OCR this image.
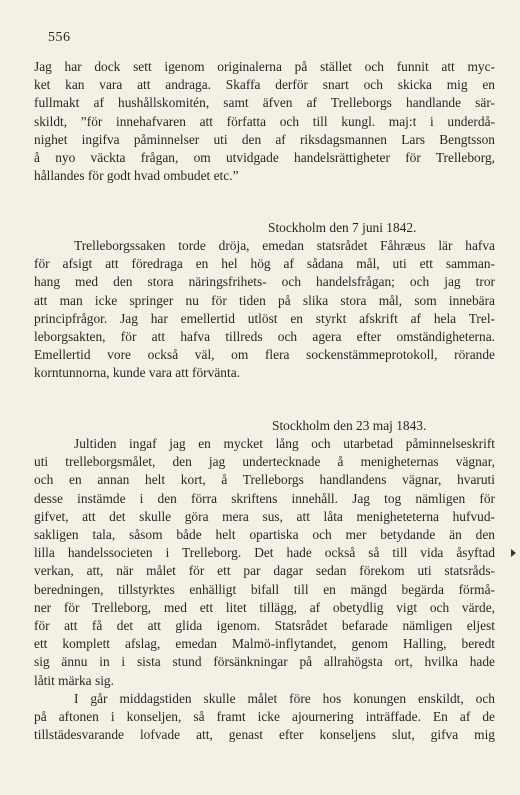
556
Jag har dock sett igenom originalerna på stället och funnit att myc-
ket kan vara att andraga. Skaffa derför snart och skicka mig en
fullmakt af hushållskomitén, samt äfven af Trelleborgs handlande sär-
skildt, ”för innehafvaren att författa och till kungl. maj:t i underdå-
nighet ingifva påminnelser uti den af riksdagsmannen Lars Bengtsson
å nyo väckta frågan, om utvidgade handelsrättigheter för Trelleborg,
hållandes för godt hvad ombudet etc.”
Stockholm den 7 juni 1842.
Trelleborgssaken torde dröja, emedan statsrådet Fåhræus lär hafva
för afsigt att föredraga en hel hög af sådana mål, uti ett samman-
hang med den stora näringsfrihets- och handelsfrågan; och jag tror
att man icke springer nu för tiden på slika stora mål, som innebära
principfrågor. Jag har emellertid utlöst en styrkt afskrift af hela Trel-
leborgsakten, för att hafva tillreds och agera efter omständigheterna.
Emellertid vore också väl, om flera sockenstämmeprotokoll, rörande
korntunnorna, kunde vara att förvänta.
Stockholm den 23 maj 1843.
Jultiden ingaf jag en mycket lång och utarbetad påminnelseskrift
uti trelleborgsmålet, den jag undertecknade å menigheternas vägnar,
och en annan helt kort, å Trelleborgs handlandens vägnar, hvaruti
desse instämde i den förra skriftens innehåll. Jag tog nämligen för
gifvet, att det skulle göra mera sus, att låta menigheteterna hufvud-
sakligen tala, såsom både helt opartiska och mer betydande än den
lilla handelssocieten i Trelleborg. Det hade också så till vida åsyftad
verkan, att, när målet för ett par dagar sedan förekom uti statsråds-
beredningen, tillstyrktes enhälligt bifall till en mängd begärda förmå-
ner för Trelleborg, med ett litet tillägg, af obetydlig vigt och värde,
för att få det att glida igenom. Statsrådet befarade nämligen eljest
ett komplett afslag, emedan Malmö-inflytandet, genom Halling, beredt
sig ännu in i sista stund försänkningar på allrahögsta ort, hvilka hade
låtit märka sig.
I går middagstiden skulle målet före hos konungen enskildt, och
på aftonen i konseljen, så framt icke ajournering inträffade. En af de
tillstädesvarande lofvade att, genast efter konseljens slut, gifva mig
